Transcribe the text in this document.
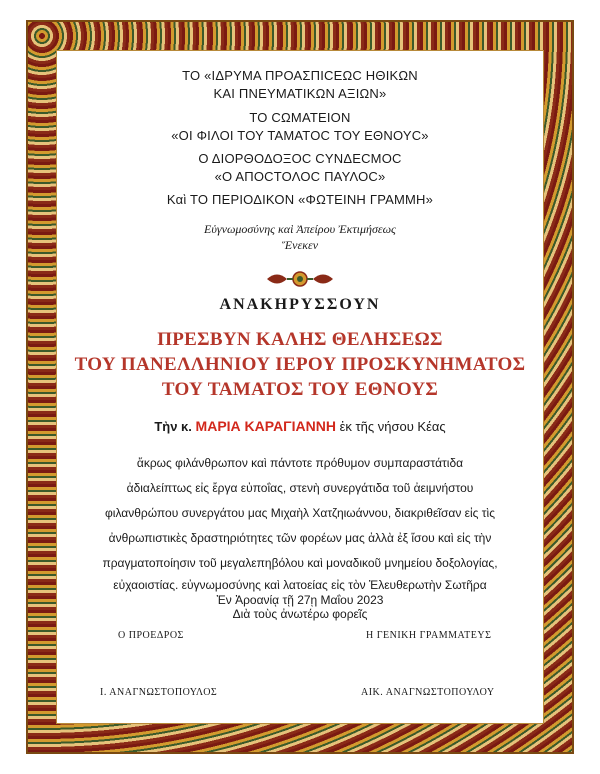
ΤΟ «ΙΔΡΥΜΑ ΠΡΟΑΣΠΙCΕΩC ΗΘΙΚΩΝ
ΚΑΙ ΠΝΕΥΜΑΤΙΚΩΝ ΑΞΙΩΝ»
ΤΟ CΩΜΑΤΕΙΟΝ
«ΟΙ ΦΙΛΟΙ ΤΟΥ ΤΑΜΑΤΟC ΤΟΥ ΕΘΝΟΥC»
Ο ΔΙΟΡΘΟΔΟΞΟC CΥΝΔΕCΜΟC
«Ο ΑΠΟCΤΟΛΟC ΠΑΥΛΟC»
Καὶ ΤΟ ΠΕΡΙΟΔΙΚΟΝ «ΦΩΤΕΙΝΗ ΓΡΑΜΜΗ»
Εὐγνωμοσύνης καὶ Ἀπείρου Ἐκτιμήσεως
Ἕνεκεν
ΑΝΑΚΗΡΥΣΣΟΥΝ
ΠΡΕΣΒΥΝ ΚΑΛΗΣ ΘΕΛΗΣΕΩΣ
ΤΟΥ ΠΑΝΕΛΛΗΝΙΟΥ ΙΕΡΟΥ ΠΡΟΣΚΥΝΗΜΑΤΟΣ
ΤΟΥ ΤΑΜΑΤΟΣ ΤΟΥ ΕΘΝΟΥΣ
Τὴν κ. ΜΑΡΙΑ ΚΑΡΑΓΙΑΝΝΗ ἐκ τῆς νήσου Κέας
ἄκρως φιλάνθρωπον καὶ πάντοτε πρόθυμον συμπαραστάτιδα
ἀδιαλείπτως εἰς ἔργα εὐποΐας, στενὴ συνεργάτιδα τοῦ ἀειμνήστου
φιλανθρώπου συνεργάτου μας Μιχαὴλ Χατζηιωάννου, διακριθεῖσαν εἰς τὶς
ἀνθρωπιστικὲς δραστηριότητες τῶν φορέων μας ἀλλὰ ἐξ ἴσου καὶ εἰς τὴν
πραγματοποίησιν τοῦ μεγαλεπηβόλου καὶ μοναδικοῦ μνημείου δοξολογίας,
εὐχαοιστίας. εὐγνωμοσύνης καὶ λατοείας εἰς τὸν Ἐλευθερωτὴν Σωτῆρα
Ἐν Ἀροανίᾳ τῇ 27ῃ Μαΐου 2023
Διὰ τοὺς ἀνωτέρω φορεῖς
Ο ΠΡΟΕΔΡΟΣ	Η ΓΕΝΙΚΗ ΓΡΑΜΜΑΤΕΥΣ
Ι. ΑΝΑΓΝΩΣΤΟΠΟΥΛΟΣ	ΑΙΚ. ΑΝΑΓΝΩΣΤΟΠΟΥΛΟΥ
